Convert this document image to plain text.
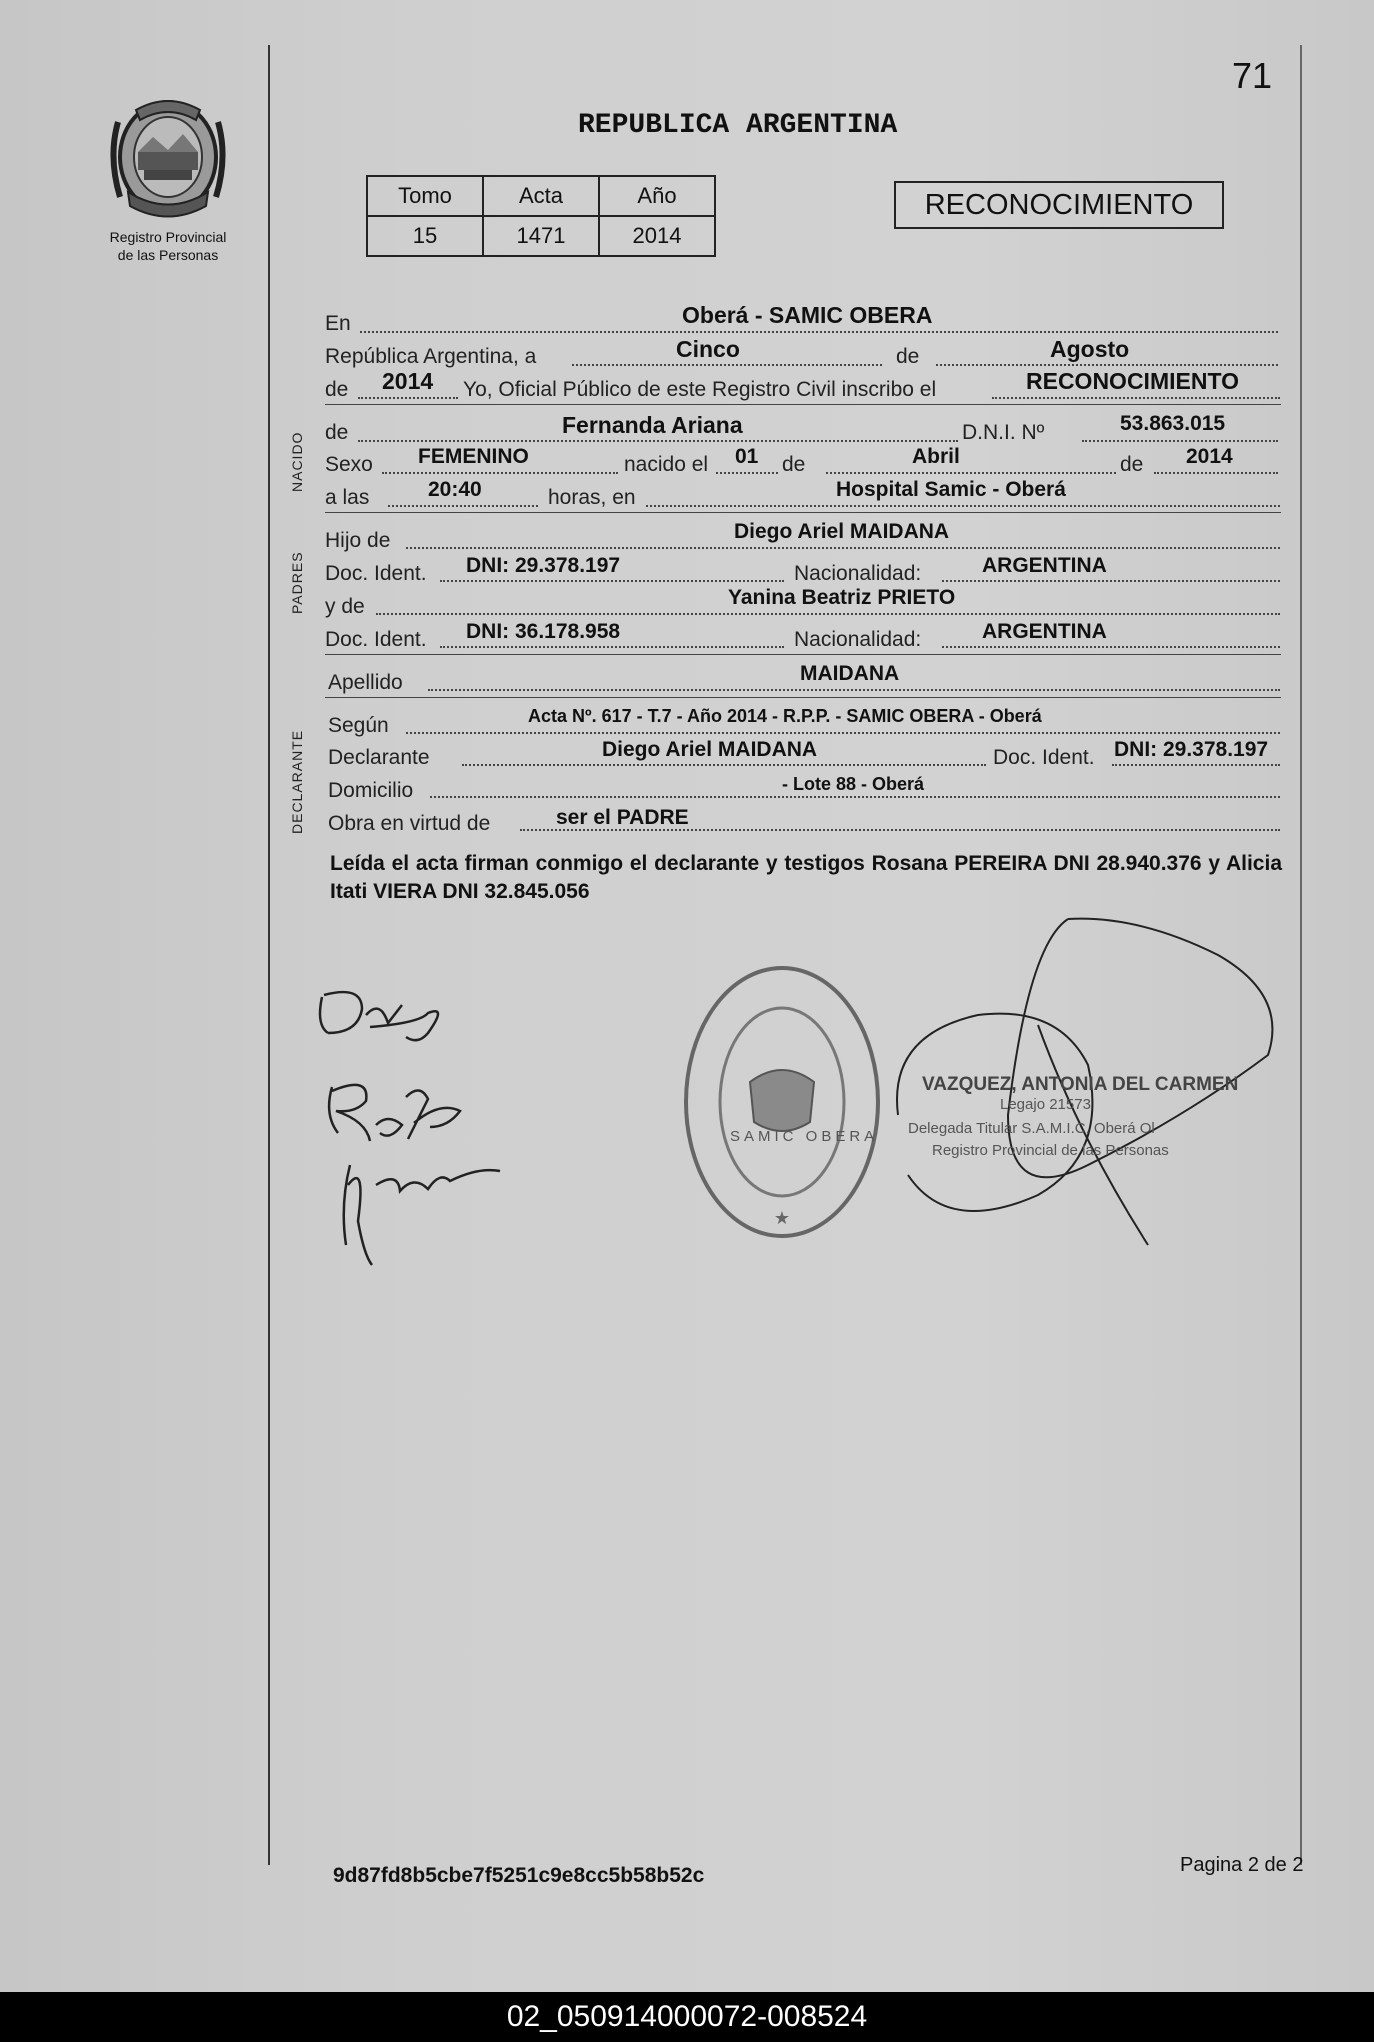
71
Registro Provincial
de las Personas
REPUBLICA ARGENTINA
Tomo	Acta	Año
15	1471	2014
RECONOCIMIENTO
En	Oberá - SAMIC OBERA
República Argentina, a	Cinco	de	Agosto
de 2014 Yo, Oficial Público de este Registro Civil inscribo el	RECONOCIMIENTO
NACIDO de	Fernanda Ariana	D.N.I. Nº	53.863.015
Sexo FEMENINO	nacido el 01 de	Abril	de 2014
a las	20:40	horas, en	Hospital Samic - Oberá
PADRES
Hijo de	Diego Ariel MAIDANA
Doc. Ident. DNI: 29.378.197	Nacionalidad:	ARGENTINA
y de	Yanina Beatriz PRIETO
Doc. Ident. DNI: 36.178.958	Nacionalidad:	ARGENTINA
Apellido	MAIDANA
DECLARANTE
Según	Acta Nº. 617 - T.7 - Año 2014 - R.P.P. - SAMIC OBERA - Oberá
Declarante	Diego Ariel MAIDANA	Doc. Ident. DNI: 29.378.197
Domicilio	- Lote 88 - Oberá
Obra en virtud de	ser el PADRE
Leída el acta firman conmigo el declarante y testigos Rosana PEREIRA DNI 28.940.376 y Alicia Itati VIERA DNI 32.845.056
★
SAMIC OBERA
VAZQUEZ, ANTONIA DEL CARMEN
Legajo 21573
Delegada Titular S.A.M.I.C. Oberá Ol
Registro Provincial de las Personas
9d87fd8b5cbe7f5251c9e8cc5b58b52c	Pagina 2 de 2
02_050914000072-008524
